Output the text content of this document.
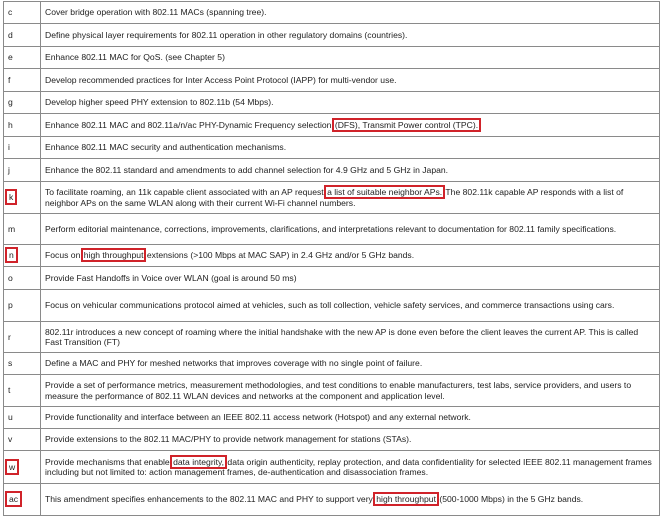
c	Cover bridge operation with 802.11 MACs (spanning tree).
d	Define physical layer requirements for 802.11 operation in other regulatory domains (countries).
e	Enhance 802.11 MAC for QoS. (see Chapter 5)
f	Develop recommended practices for Inter Access Point Protocol (IAPP) for multi-vendor use.
g	Develop higher speed PHY extension to 802.11b (54 Mbps).
h	Enhance 802.11 MAC and 802.11a/n/ac PHY-Dynamic Frequency selection (DFS), Transmit Power control (TPC).
i	Enhance 802.11 MAC security and authentication mechanisms.
j	Enhance the 802.11 standard and amendments to add channel selection for 4.9 GHz and 5 GHz in Japan.
k	To facilitate roaming, an 11k capable client associated with an AP request a list of suitable neighbor APs. The 802.11k capable AP responds with a list of neighbor APs on the same WLAN along with their current Wi-Fi channel numbers.
m	Perform editorial maintenance, corrections, improvements, clarifications, and interpretations relevant to documentation for 802.11 family specifications.
n	Focus on high throughput extensions (>100 Mbps at MAC SAP) in 2.4 GHz and/or 5 GHz bands.
o	Provide Fast Handoffs in Voice over WLAN (goal is around 50 ms)
p	Focus on vehicular communications protocol aimed at vehicles, such as toll collection, vehicle safety services, and commerce transactions using cars.
r	802.11r introduces a new concept of roaming where the initial handshake with the new AP is done even before the client leaves the current AP. This is called Fast Transition (FT)
s	Define a MAC and PHY for meshed networks that improves coverage with no single point of failure.
t	Provide a set of performance metrics, measurement methodologies, and test conditions to enable manufacturers, test labs, service providers, and users to measure the performance of 802.11 WLAN devices and networks at the component and application level.
u	Provide functionality and interface between an IEEE 802.11 access network (Hotspot) and any external network.
v	Provide extensions to the 802.11 MAC/PHY to provide network management for stations (STAs).
w	Provide mechanisms that enable data integrity, data origin authenticity, replay protection, and data confidentiality for selected IEEE 802.11 management frames including but not limited to: action management frames, de-authentication and disassociation frames.
ac	This amendment specifies enhancements to the 802.11 MAC and PHY to support very high throughput (500-1000 Mbps) in the 5 GHz bands.
